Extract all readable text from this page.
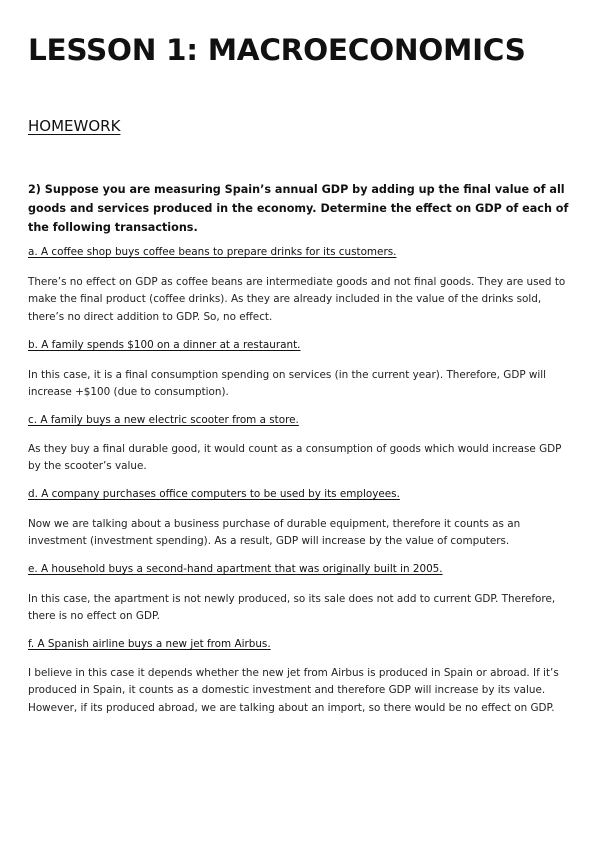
LESSON 1: MACROECONOMICS
HOMEWORK

2) Suppose you are measuring Spain’s annual GDP by adding up the final value of all goods and services produced in the economy. Determine the effect on GDP of each of the following transactions.

a. A coffee shop buys coffee beans to prepare drinks for its customers.

There’s no effect on GDP as coffee beans are intermediate goods and not final goods. They are used to make the final product (coffee drinks). As they are already included in the value of the drinks sold, there’s no direct addition to GDP. So, no effect.

b. A family spends $100 on a dinner at a restaurant.

In this case, it is a final consumption spending on services (in the current year). Therefore, GDP will increase +$100 (due to consumption).

c. A family buys a new electric scooter from a store.

As they buy a final durable good, it would count as a consumption of goods which would increase GDP by the scooter’s value.

d. A company purchases office computers to be used by its employees.

Now we are talking about a business purchase of durable equipment, therefore it counts as an investment (investment spending). As a result, GDP will increase by the value of computers.

e. A household buys a second-hand apartment that was originally built in 2005.

In this case, the apartment is not newly produced, so its sale does not add to current GDP. Therefore, there is no effect on GDP.

f. A Spanish airline buys a new jet from Airbus.

I believe in this case it depends whether the new jet from Airbus is produced in Spain or abroad. If it’s produced in Spain, it counts as a domestic investment and therefore GDP will increase by its value. However, if its produced abroad, we are talking about an import, so there would be no effect on GDP.
